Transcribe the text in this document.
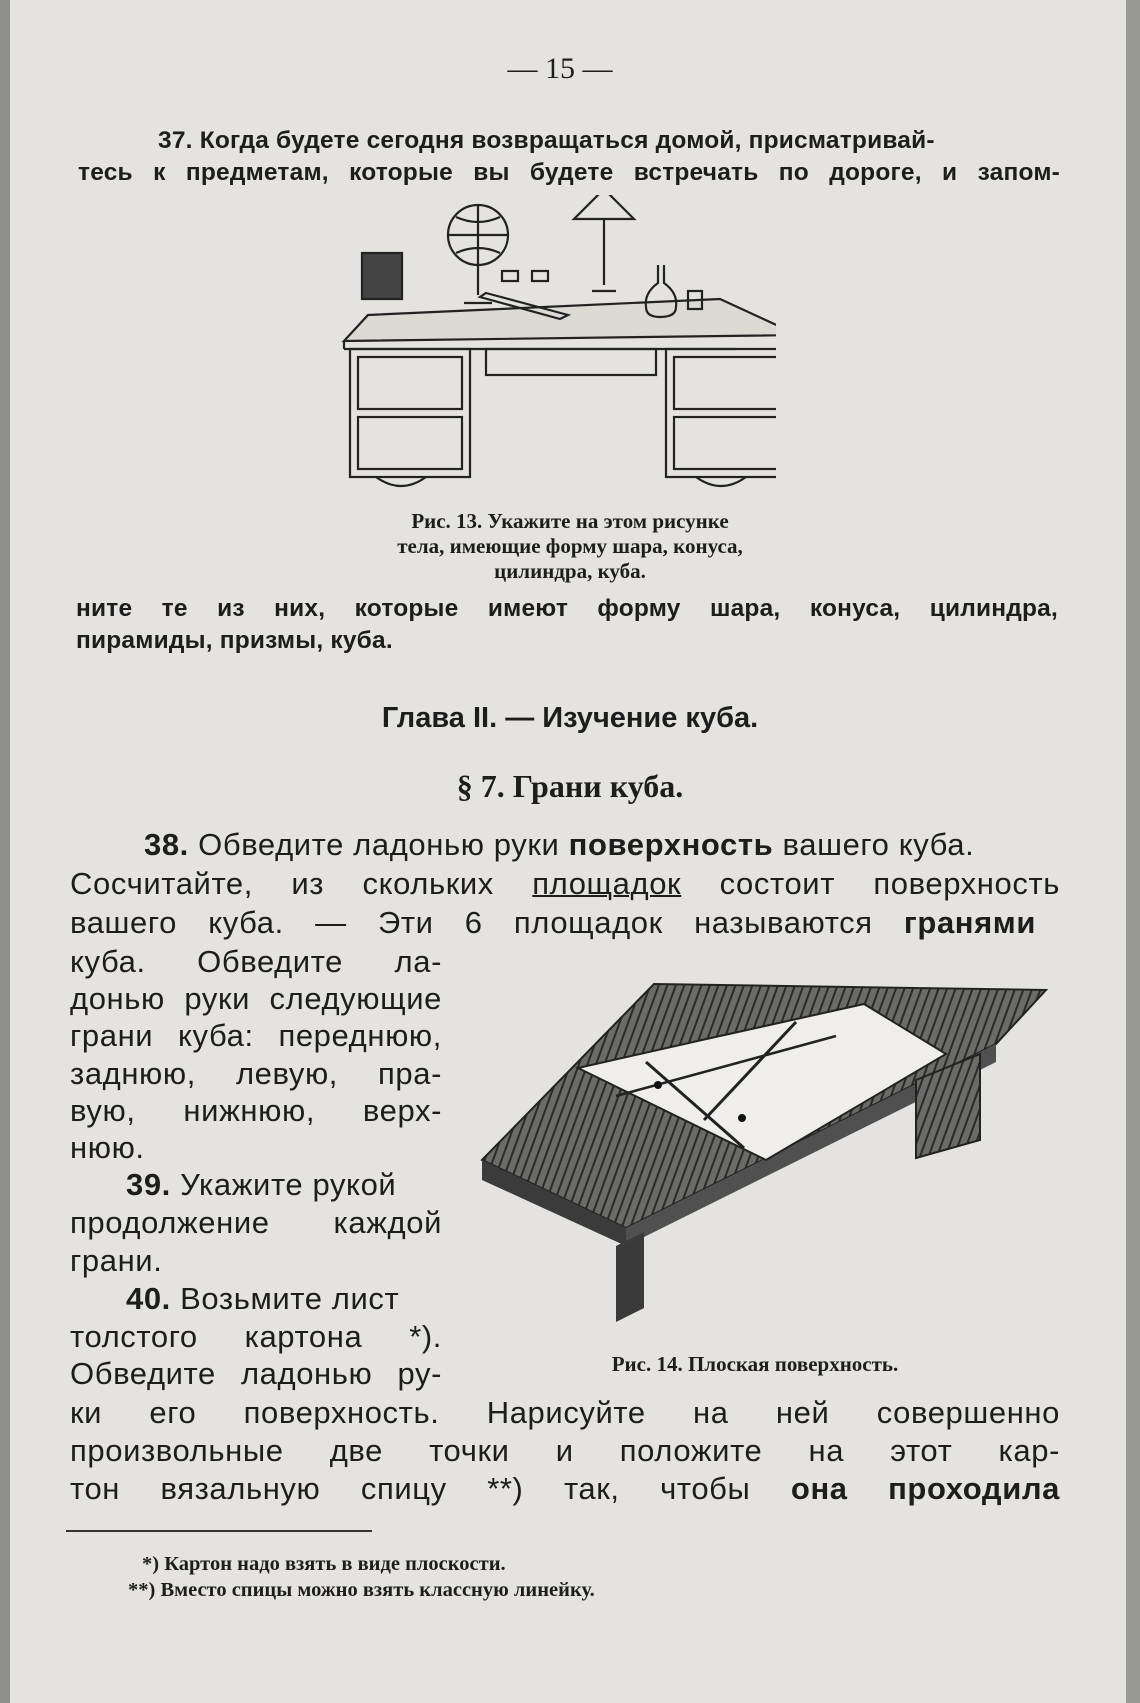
— 15 —
37. Когда будете сегодня возвращаться домой, присматривай-
тесь к предметам, которые вы будете встречать по дороге, и запом-
Рис. 13. Укажите на этом рисунке
тела, имеющие форму шара, конуса,
цилиндра, куба.
ните те из них, которые имеют форму шара, конуса, цилиндра,
пирамиды, призмы, куба.
Глава II. — Изучение куба.
§ 7. Грани куба.
38. Обведите ладонью руки поверхность вашего куба.
Сосчитайте, из скольких площадок состоит поверхность
вашего куба. — Эти 6 площадок называются гранями
куба. Обведите ла-
донью руки следующие
грани куба: переднюю,
заднюю, левую, пра-
вую, нижнюю, верх-
нюю.
39. Укажите рукой
продолжение каждой
грани.
40. Возьмите лист
толстого картона *).
Обведите ладонью ру-	Рис. 14. Плоская поверхность.
ки его поверхность. Нарисуйте на ней совершенно
произвольные две точки и положите на этот кар-
тон вязальную спицу **) так, чтобы она проходила
*) Картон надо взять в виде плоскости.
**) Вместо спицы можно взять классную линейку.
